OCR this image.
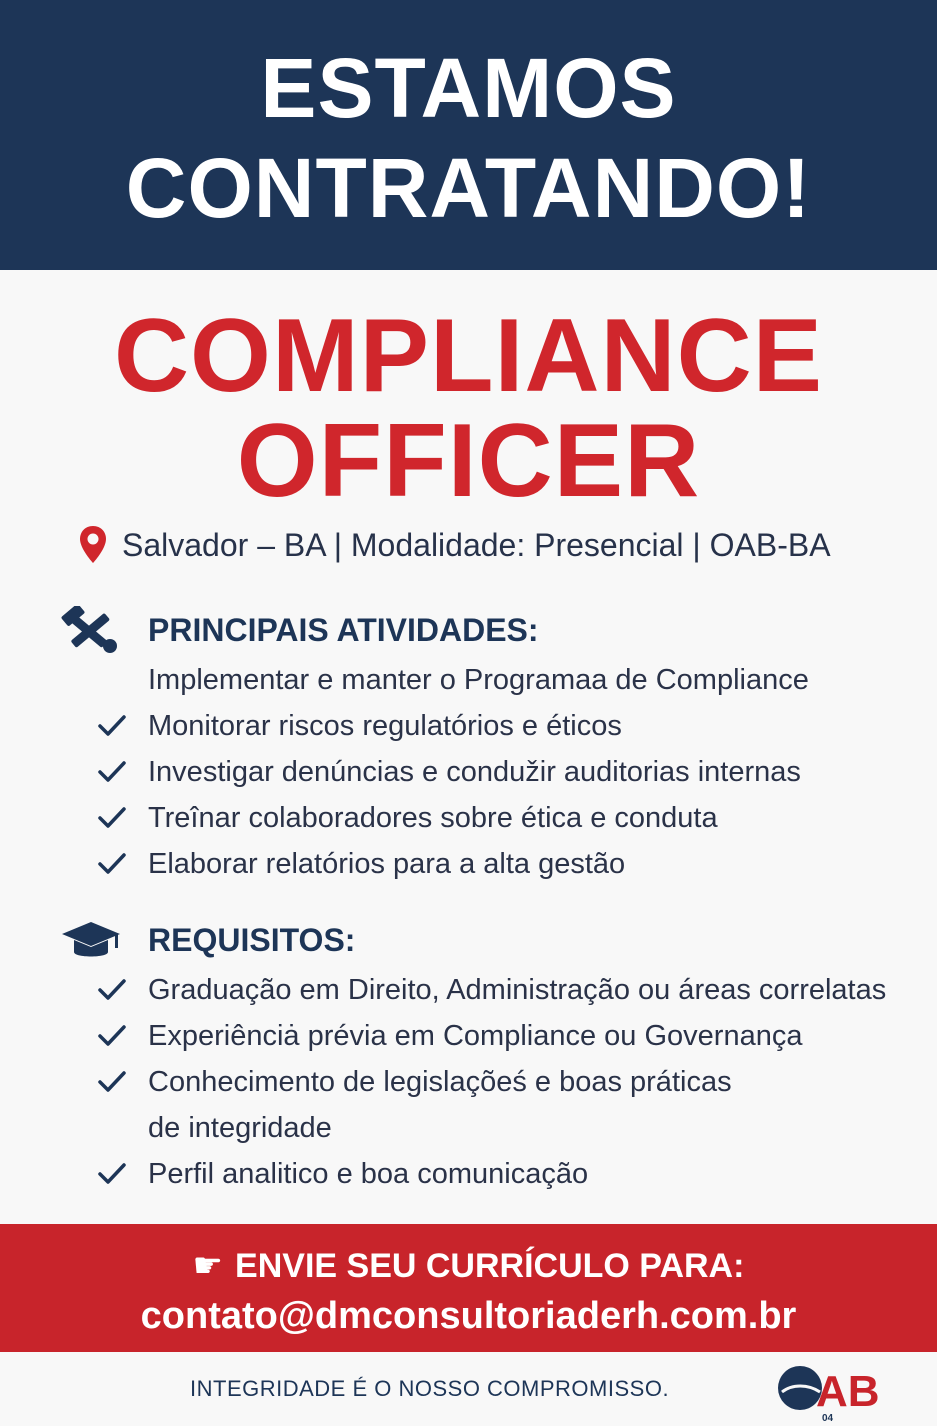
ESTAMOS
CONTRATANDO!
COMPLIANCE
OFFICER
Salvador – BA | Modalidade: Presencial | OAB-BA
PRINCIPAIS ATIVIDADES:
Implementar e manter o Programaa de Compliance
Monitorar riscos regulatórios e éticos
Investigar denúncias e condužir auditorias internas
Treînar colaboradores sobre ética e conduta
Elaborar relatórios para a alta gestão
REQUISITOS:
Graduação em Direito, Administração ou áreas correlatas
Experiênciȧ prévia em Compliance ou Governança
Conhecimento de legislaçõeś e boas práticas
de integridade
Perfil analitico e boa comunicação
☛ ENVIE SEU CURRÍCULO PARA:
contato@dmconsultoriaderh.com.br
INTEGRIDADE É O NOSSO COMPROMISSO.	AB
04
